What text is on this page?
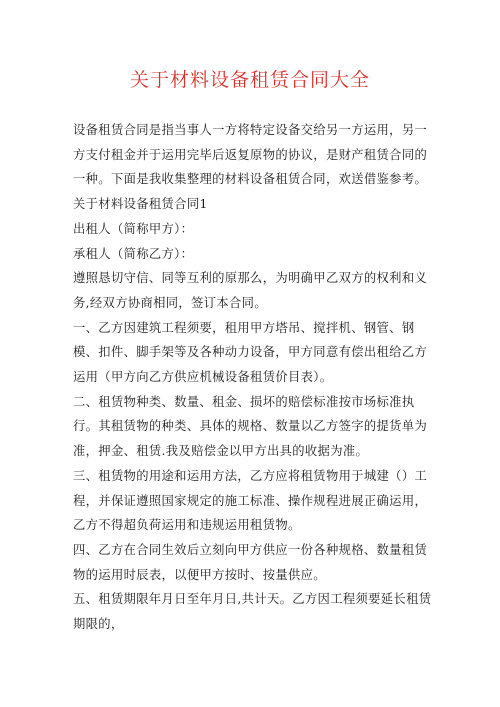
关于材料设备租赁合同大全

设备租赁合同是指当事人一方将特定设备交给另一方运用，另一方支付租金并于运用完毕后返复原物的协议，是财产租赁合同的一种。下面是我收集整理的材料设备租赁合同，欢送借鉴参考。

关于材料设备租赁合同1

出租人（简称甲方）：

承租人（简称乙方）：

遵照恳切守信、同等互利的原那么，为明确甲乙双方的权利和义务,经双方协商相同，签订本合同。

一、乙方因建筑工程须要，租用甲方塔吊、搅拌机、钢管、钢模、扣件、脚手架等及各种动力设备，甲方同意有偿出租给乙方运用（甲方向乙方供应机械设备租赁价目表）。

二、租赁物种类、数量、租金、损坏的赔偿标准按市场标准执行。其租赁物的种类、具体的规格、数量以乙方签字的提货单为准，押金、租赁.我及赔偿金以甲方出具的收据为准。

三、租赁物的用途和运用方法，乙方应将租赁物用于城建（）工程，并保证遵照国家规定的施工标准、操作规程进展正确运用，乙方不得超负荷运用和违规运用租赁物。

四、乙方在合同生效后立刻向甲方供应一份各种规格、数量租赁物的运用时辰表，以便甲方按时、按量供应。

五、租赁期限年月日至年月日,共计天。乙方因工程须要延长租赁期限的，
